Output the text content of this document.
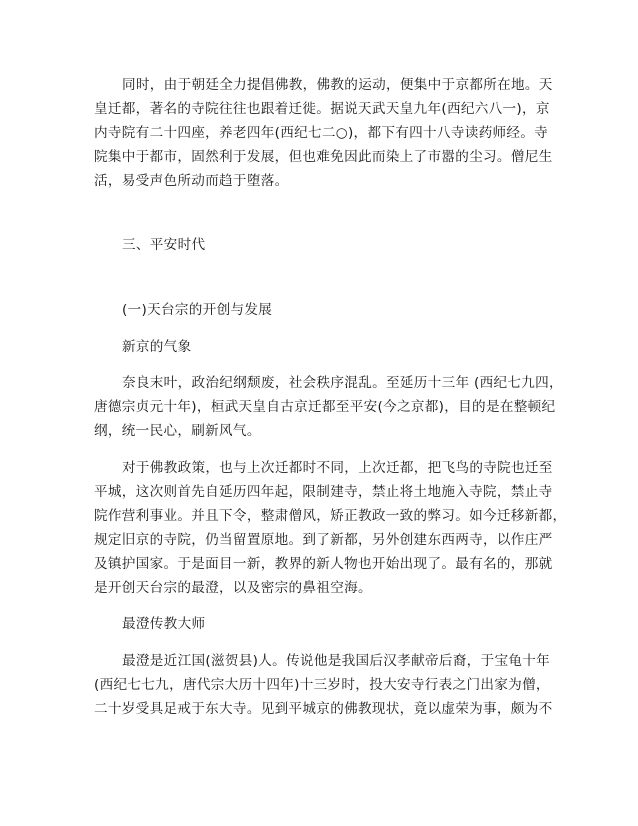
同时，由于朝廷全力提倡佛教，佛教的运动，便集中于京都所在地。天
皇迁都，著名的寺院往往也跟着迁徙。据说天武天皇九年(西纪六八一)，京
内寺院有二十四座，养老四年(西纪七二○)，都下有四十八寺读药师经。寺
院集中于都市，固然利于发展，但也难免因此而染上了市嚣的尘习。僧尼生
活，易受声色所动而趋于堕落。
三、平安时代
(一)天台宗的开创与发展
新京的气象
奈良末叶，政治纪纲颓废，社会秩序混乱。至延历十三年 (西纪七九四，
唐德宗贞元十年)，桓武天皇自古京迁都至平安(今之京都)，目的是在整顿纪
纲，统一民心，刷新风气。
对于佛教政策，也与上次迁都时不同，上次迁都，把飞鸟的寺院也迁至
平城，这次则首先自延历四年起，限制建寺，禁止将土地施入寺院，禁止寺
院作营利事业。并且下令，整肃僧风，矫正教政一致的弊习。如今迁移新都，
规定旧京的寺院，仍当留置原地。到了新都，另外创建东西两寺，以作庄严
及镇护国家。于是面目一新，教界的新人物也开始出现了。最有名的，那就
是开创天台宗的最澄，以及密宗的鼻祖空海。
最澄传教大师
最澄是近江国(滋贺县)人。传说他是我国后汉孝献帝后裔，于宝龟十年
(西纪七七九，唐代宗大历十四年)十三岁时，投大安寺行表之门出家为僧，
二十岁受具足戒于东大寺。见到平城京的佛教现状，竟以虚荣为事，颇为不
